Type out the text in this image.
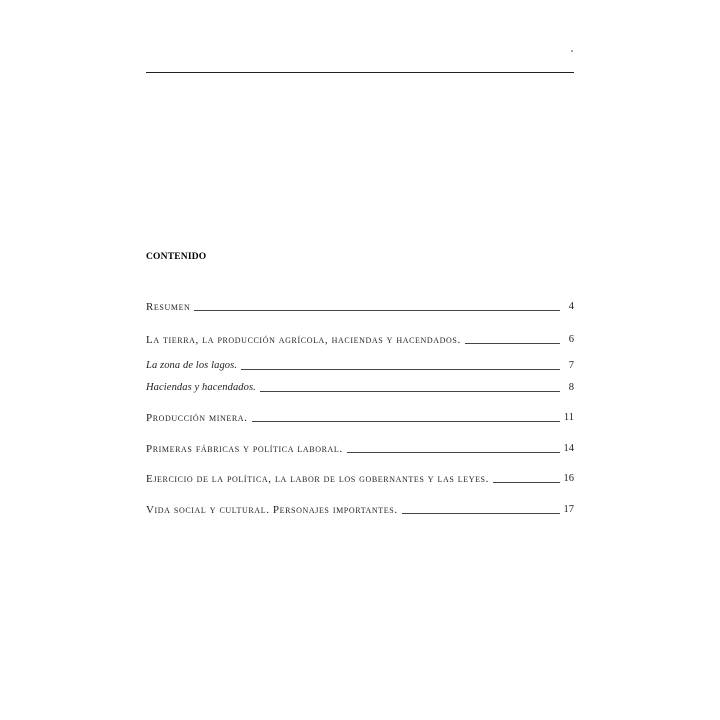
CONTENIDO
Resumen	4
La tierra, la producción agrícola, haciendas y hacendados.	6
La zona de los lagos.	7
Haciendas y hacendados.	8
Producción minera.	11
Primeras fábricas y política laboral.	14
Ejercicio de la política, la labor de los gobernantes y las leyes.	16
Vida social y cultural. Personajes importantes.	17
